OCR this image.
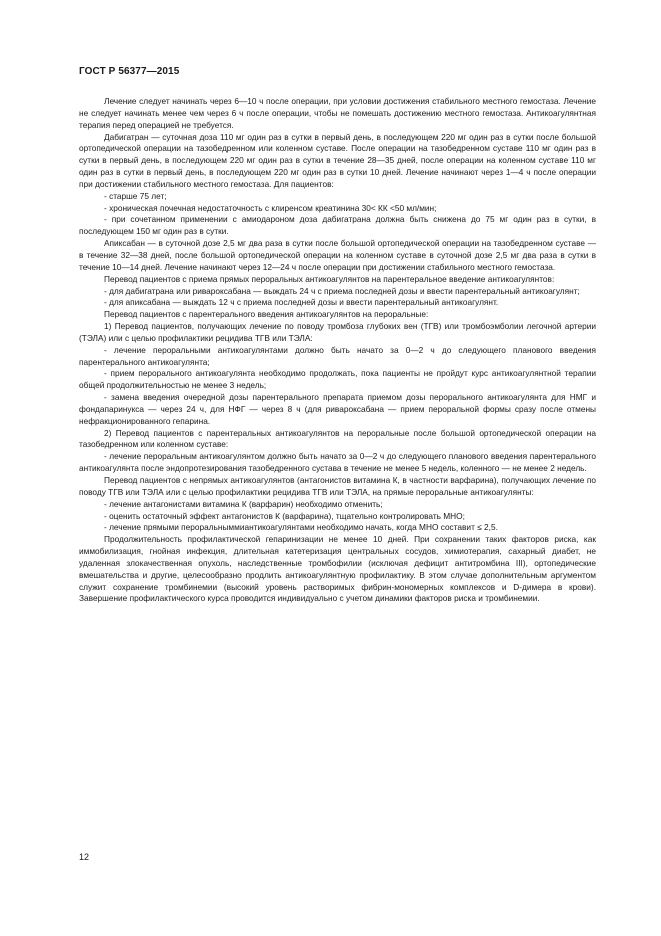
ГОСТ Р 56377—2015

Лечение следует начинать через 6—10 ч после операции, при условии достижения стабильного местного гемостаза. Лечение не следует начинать менее чем через 6 ч после операции, чтобы не помешать достижению местного гемостаза. Антикоагулянтная терапия перед операцией не требуется.

Дабигатран — суточная доза 110 мг один раз в сутки в первый день, в последующем 220 мг один раз в сутки после большой ортопедической операции на тазобедренном или коленном суставе. После операции на тазобедренном суставе 110 мг один раз в сутки в первый день, в последующем 220 мг один раз в сутки в течение 28—35 дней, после операции на коленном суставе 110 мг один раз в сутки в первый день, в последующем 220 мг один раз в сутки 10 дней. Лечение начинают через 1—4 ч после операции при достижении стабильного местного гемостаза. Для пациентов:

- старше 75 лет;

- хроническая почечная недостаточность с клиренсом креатинина 30< КК <50 мл/мин;

- при сочетанном применении с амиодароном доза дабигатрана должна быть снижена до 75 мг один раз в сутки, в последующем 150 мг один раз в сутки.

Апиксабан — в суточной дозе 2,5 мг два раза в сутки после большой ортопедической операции на тазобедренном суставе — в течение 32—38 дней, после большой ортопедической операции на коленном суставе в суточной дозе 2,5 мг два раза в сутки в течение 10—14 дней. Лечение начинают через 12—24 ч после операции при достижении стабильного местного гемостаза.

Перевод пациентов с приема прямых пероральных антикоагулянтов на парентеральное введение антикоагулянтов:

- для дабигатрана или ривароксабана — выждать 24 ч с приема последней дозы и ввести парентеральный антикоагулянт;

- для апиксабана — выждать 12 ч с приема последней дозы и ввести парентеральный антикоагулянт.

Перевод пациентов с парентерального введения антикоагулянтов на пероральные:

1) Перевод пациентов, получающих лечение по поводу тромбоза глубоких вен (ТГВ) или тромбоэмболии легочной артерии (ТЭЛА) или с целью профилактики рецидива ТГВ или ТЭЛА:

- лечение пероральными антикоагулянтами должно быть начато за 0—2 ч до следующего планового введения парентерального антикоагулянта;

- прием перорального антикоагулянта необходимо продолжать, пока пациенты не пройдут курс антикоагулянтной терапии общей продолжительностью не менее 3 недель;

- замена введения очередной дозы парентерального препарата приемом дозы перорального антикоагулянта для НМГ и фондапаринукса — через 24 ч, для НФГ — через 8 ч (для ривароксабана — прием пероральной формы сразу после отмены нефракционированного гепарина.

2) Перевод пациентов с парентеральных антикоагулянтов на пероральные после большой ортопедической операции на тазобедренном или коленном суставе:

- лечение пероральным антикоагулянтом должно быть начато за 0—2 ч до следующего планового введения парентерального антикоагулянта после эндопротезирования тазобедренного сустава в течение не менее 5 недель, коленного — не менее 2 недель.

Перевод пациентов с непрямых антикоагулянтов (антагонистов витамина К, в частности варфарина), получающих лечение по поводу ТГВ или ТЭЛА или с целью профилактики рецидива ТГВ или ТЭЛА, на прямые пероральные антикоагулянты:

- лечение антагонистами витамина К (варфарин) необходимо отменить;

- оценить остаточный эффект антагонистов К (варфарина), тщательно контролировать МНО;

- лечение прямыми пероральныммиантикоагулянтами необходимо начать, когда МНО составит ≤ 2,5.

Продолжительность профилактической гепаринизации не менее 10 дней. При сохранении таких факторов риска, как иммобилизация, гнойная инфекция, длительная катетеризация центральных сосудов, химиотерапия, сахарный диабет, не удаленная злокачественная опухоль, наследственные тромбофилии (исключая дефицит антитромбина III), ортопедические вмешательства и другие, целесообразно продлить антикоагулянтную профилактику. В этом случае дополнительным аргументом служит сохранение тромбинемии (высокий уровень растворимых фибрин-мономерных комплексов и D-димера в крови). Завершение профилактического курса проводится индивидуально с учетом динамики факторов риска и тромбинемии.

12
